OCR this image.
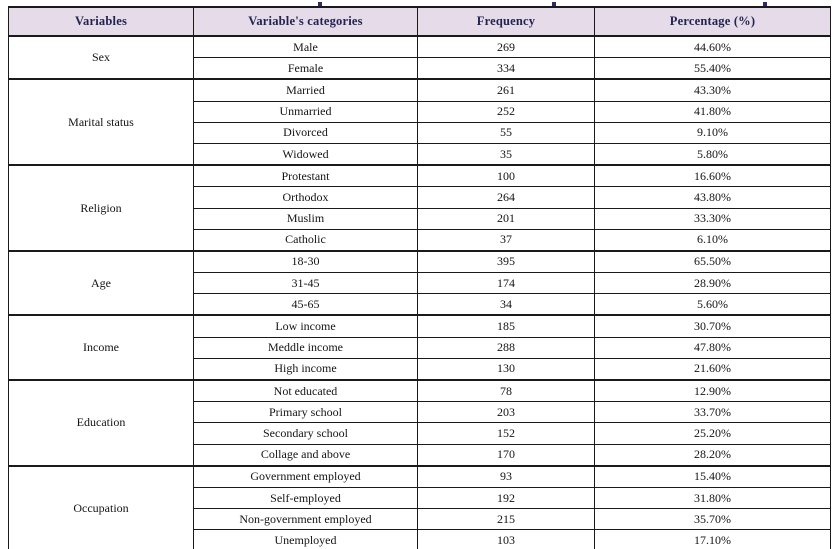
Variables	Variable's categories	Frequency	Percentage (%)
Sex	Male	269	44.60%
	Female	334	55.40%
Marital status	Married	261	43.30%
	Unmarried	252	41.80%
	Divorced	55	9.10%
	Widowed	35	5.80%
Religion	Protestant	100	16.60%
	Orthodox	264	43.80%
	Muslim	201	33.30%
	Catholic	37	6.10%
Age	18-30	395	65.50%
	31-45	174	28.90%
	45-65	34	5.60%
Income	Low income	185	30.70%
	Meddle income	288	47.80%
	High income	130	21.60%
Education	Not educated	78	12.90%
	Primary school	203	33.70%
	Secondary school	152	25.20%
	Collage and above	170	28.20%
Occupation	Government employed	93	15.40%
	Self-employed	192	31.80%
	Non-government employed	215	35.70%
	Unemployed	103	17.10%
